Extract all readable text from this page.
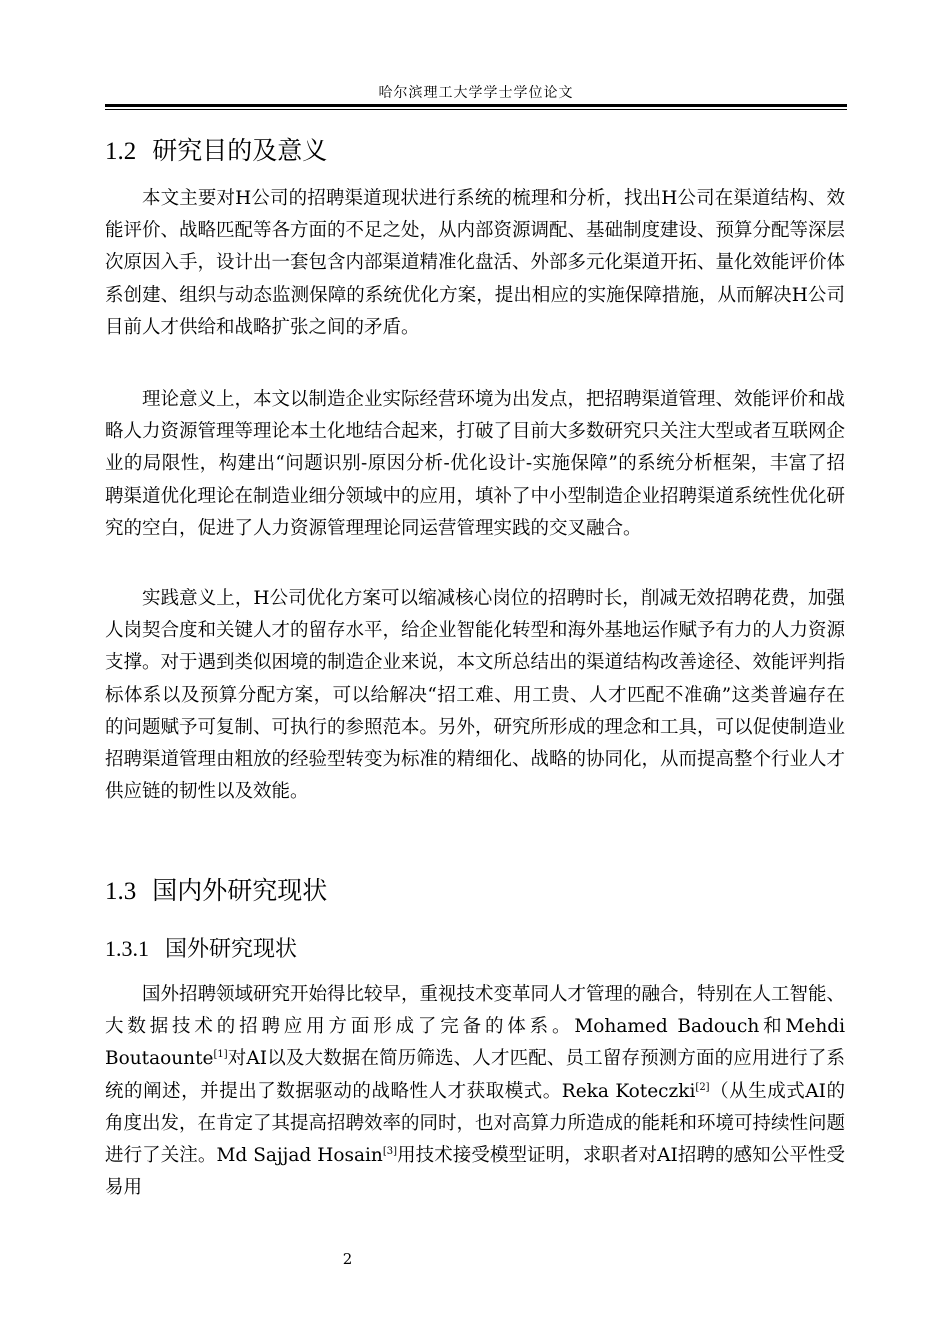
哈尔滨理工大学学士学位论文
1.2 研究目的及意义

本文主要对H公司的招聘渠道现状进行系统的梳理和分析，找出H公司在渠道结构、效能评价、战略匹配等各方面的不足之处，从内部资源调配、基础制度建设、预算分配等深层次原因入手，设计出一套包含内部渠道精准化盘活、外部多元化渠道开拓、量化效能评价体系创建、组织与动态监测保障的系统优化方案，提出相应的实施保障措施，从而解决H公司目前人才供给和战略扩张之间的矛盾。

理论意义上，本文以制造企业实际经营环境为出发点，把招聘渠道管理、效能评价和战略人力资源管理等理论本土化地结合起来，打破了目前大多数研究只关注大型或者互联网企业的局限性，构建出“问题识别-原因分析-优化设计-实施保障”的系统分析框架，丰富了招聘渠道优化理论在制造业细分领域中的应用，填补了中小型制造企业招聘渠道系统性优化研究的空白，促进了人力资源管理理论同运营管理实践的交叉融合。

实践意义上，H公司优化方案可以缩减核心岗位的招聘时长，削减无效招聘花费，加强人岗契合度和关键人才的留存水平，给企业智能化转型和海外基地运作赋予有力的人力资源支撑。对于遇到类似困境的制造企业来说，本文所总结出的渠道结构改善途径、效能评判指标体系以及预算分配方案，可以给解决“招工难、用工贵、人才匹配不准确”这类普遍存在的问题赋予可复制、可执行的参照范本。另外，研究所形成的理念和工具，可以促使制造业招聘渠道管理由粗放的经验型转变为标准的精细化、战略的协同化，从而提高整个行业人才供应链的韧性以及效能。

1.3 国内外研究现状
1.3.1 国外研究现状

国外招聘领域研究开始得比较早，重视技术变革同人才管理的融合，特别在人工智能、大数据技术的招聘应用方面形成了完备的体系。Mohamed Badouch和Mehdi Boutaounte[1]对AI以及大数据在简历筛选、人才匹配、员工留存预测方面的应用进行了系统的阐述，并提出了数据驱动的战略性人才获取模式。Reka Koteczki[2]（从生成式AI的角度出发，在肯定了其提高招聘效率的同时，也对高算力所造成的能耗和环境可持续性问题进行了关注。Md Sajjad Hosain[3]用技术接受模型证明，求职者对AI招聘的感知公平性受易用

2
